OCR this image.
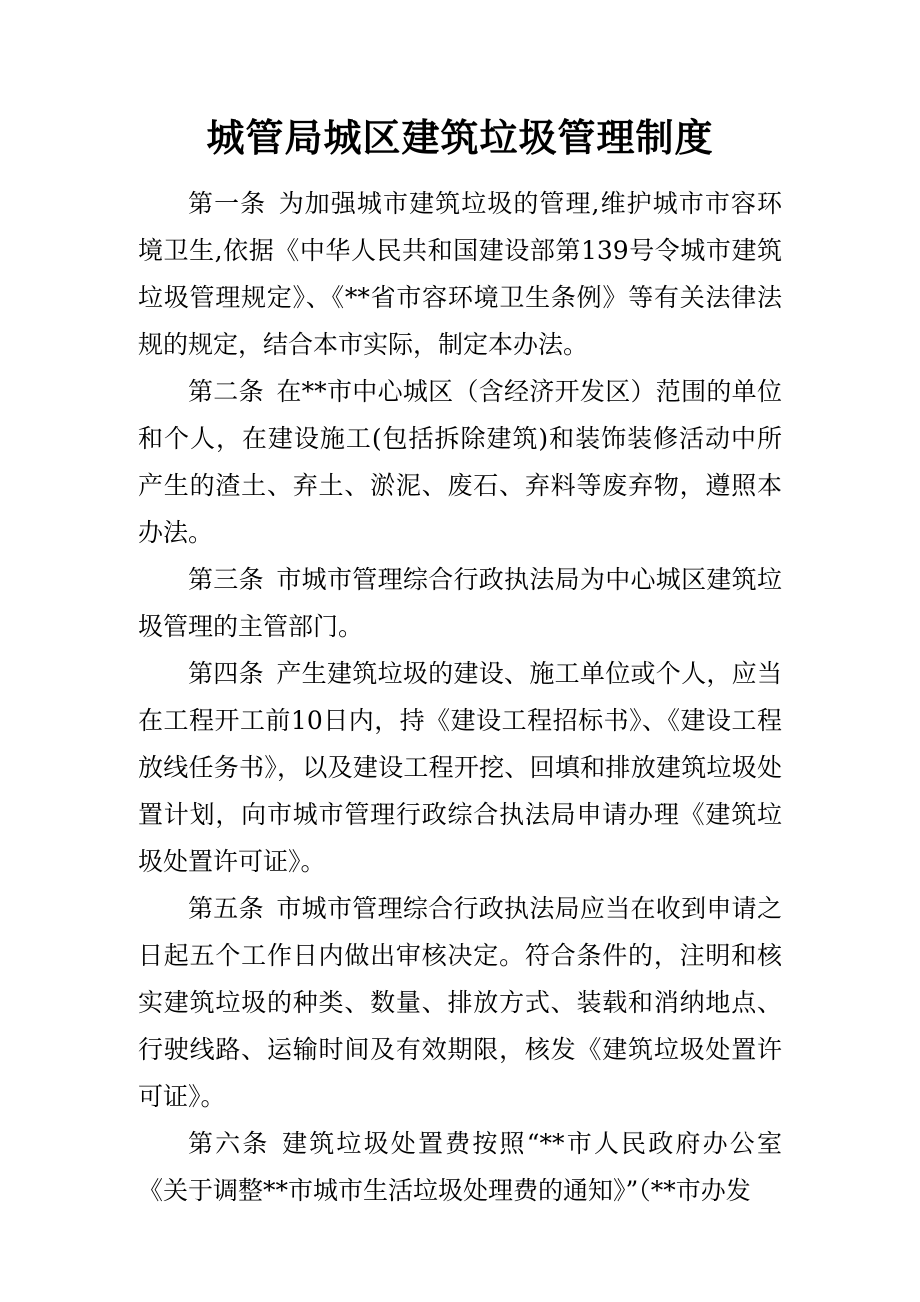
城管局城区建筑垃圾管理制度

第一条 为加强城市建筑垃圾的管理,维护城市市容环境卫生,依据《中华人民共和国建设部第139号令城市建筑垃圾管理规定》、《**省市容环境卫生条例》等有关法律法规的规定，结合本市实际，制定本办法。

第二条 在**市中心城区（含经济开发区）范围的单位和个人，在建设施工(包括拆除建筑)和装饰装修活动中所产生的渣土、弃土、淤泥、废石、弃料等废弃物，遵照本办法。

第三条 市城市管理综合行政执法局为中心城区建筑垃圾管理的主管部门。

第四条 产生建筑垃圾的建设、施工单位或个人，应当在工程开工前10日内，持《建设工程招标书》、《建设工程放线任务书》，以及建设工程开挖、回填和排放建筑垃圾处置计划，向市城市管理行政综合执法局申请办理《建筑垃圾处置许可证》。

第五条 市城市管理综合行政执法局应当在收到申请之日起五个工作日内做出审核决定。符合条件的，注明和核实建筑垃圾的种类、数量、排放方式、装载和消纳地点、行驶线路、运输时间及有效期限，核发《建筑垃圾处置许可证》。

第六条 建筑垃圾处置费按照“**市人民政府办公室《关于调整**市城市生活垃圾处理费的通知》”（**市办发
